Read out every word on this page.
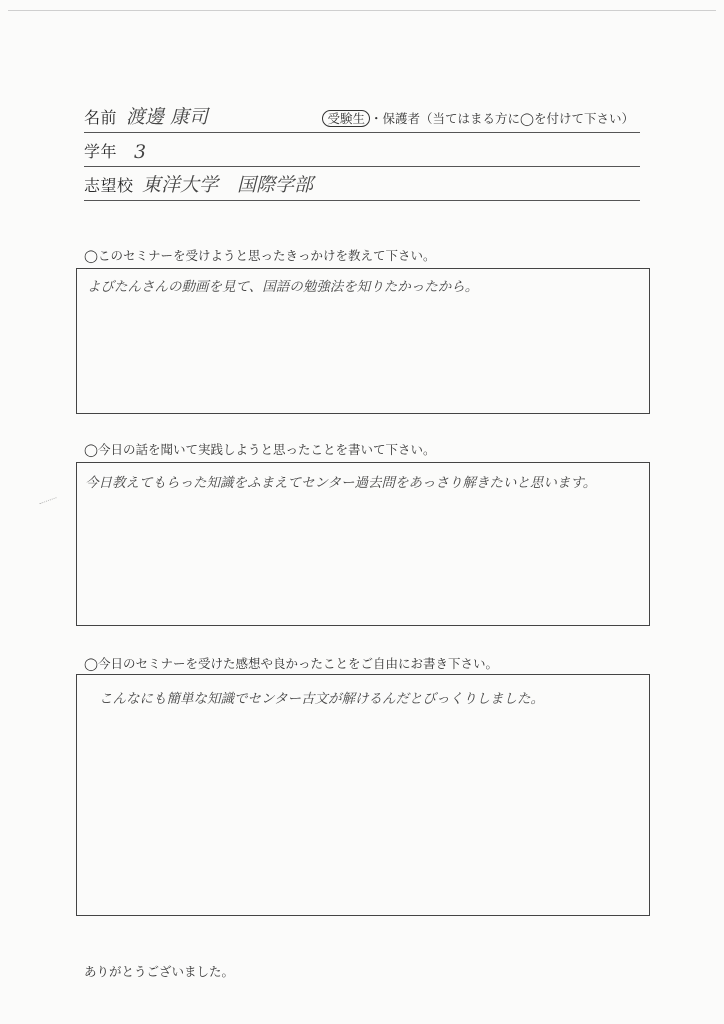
名前 渡邊 康司	受験生 ・保護者（当てはまる方に◯を付けて下さい）
学年 3
志望校 東洋大学　国際学部
◯このセミナーを受けようと思ったきっかけを教えて下さい。
よびたんさんの動画を見て、国語の勉強法を知りたかったから。
◯今日の話を聞いて実践しようと思ったことを書いて下さい。
今日教えてもらった知識をふまえてセンター過去問をあっさり解きたいと思います。
◯今日のセミナーを受けた感想や良かったことをご自由にお書き下さい。
こんなにも簡単な知識でセンター古文が解けるんだとびっくりしました。
ありがとうございました。
